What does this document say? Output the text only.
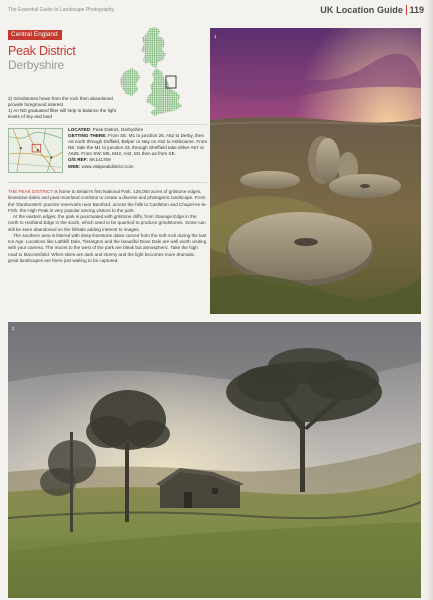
The Essential Guide to Landscape Photography	UK Location Guide 119
Central England
Peak District
Derbyshire
2) Grindstones hewn from the rock then abandoned provide foreground interest
1) An ND graduated filter will help to balance the light levels of sky and land
LOCATED: Peak District, Derbyshire
GETTING THERE: From SE: M1 to junction 25, A52 to Derby, then A6 north through Duffield, Belper or stay on A52 to Ashbourne. From NE: take the M1 to junction 33, through Sheffield take either A57 or A625. From SW: M6, M42, A42, M1 then as from SE.
O/S REF: SK141769
WEB: www.visitpeakdistrict.com

THE PEAK DISTRICT is home to Britain's first National Park. 126,000 acres of gritstone edges, limestone dales and peat moorland combine to create a diverse and photogenic landscape. From the 'Dambusters' practice reservoirs near Bamford, across the hills to Castleton and Chapel-en-le-Frith, the High Peak is very popular among visitors to the park.

At the eastern edges, the park is punctuated with gritstone cliffs, from Stanage Edge in the north to Hartland Edge in the south, which used to be quarried to produce grindstones. Some can still be seen abandoned on the hillside adding interest to images.

The southern area is littered with deep limestone dales carved from the soft rock during the last Ice Age. Locations like Lathkill Dale, Tissington and the beautiful Dove Dale are well worth visiting with your camera. The moors to the west of the park are bleak but atmospheric. Take the high road to Macclesfield. When skies are dark and stormy and the light becomes more dramatic, great landscapes are there just waiting to be captured.

1
2
